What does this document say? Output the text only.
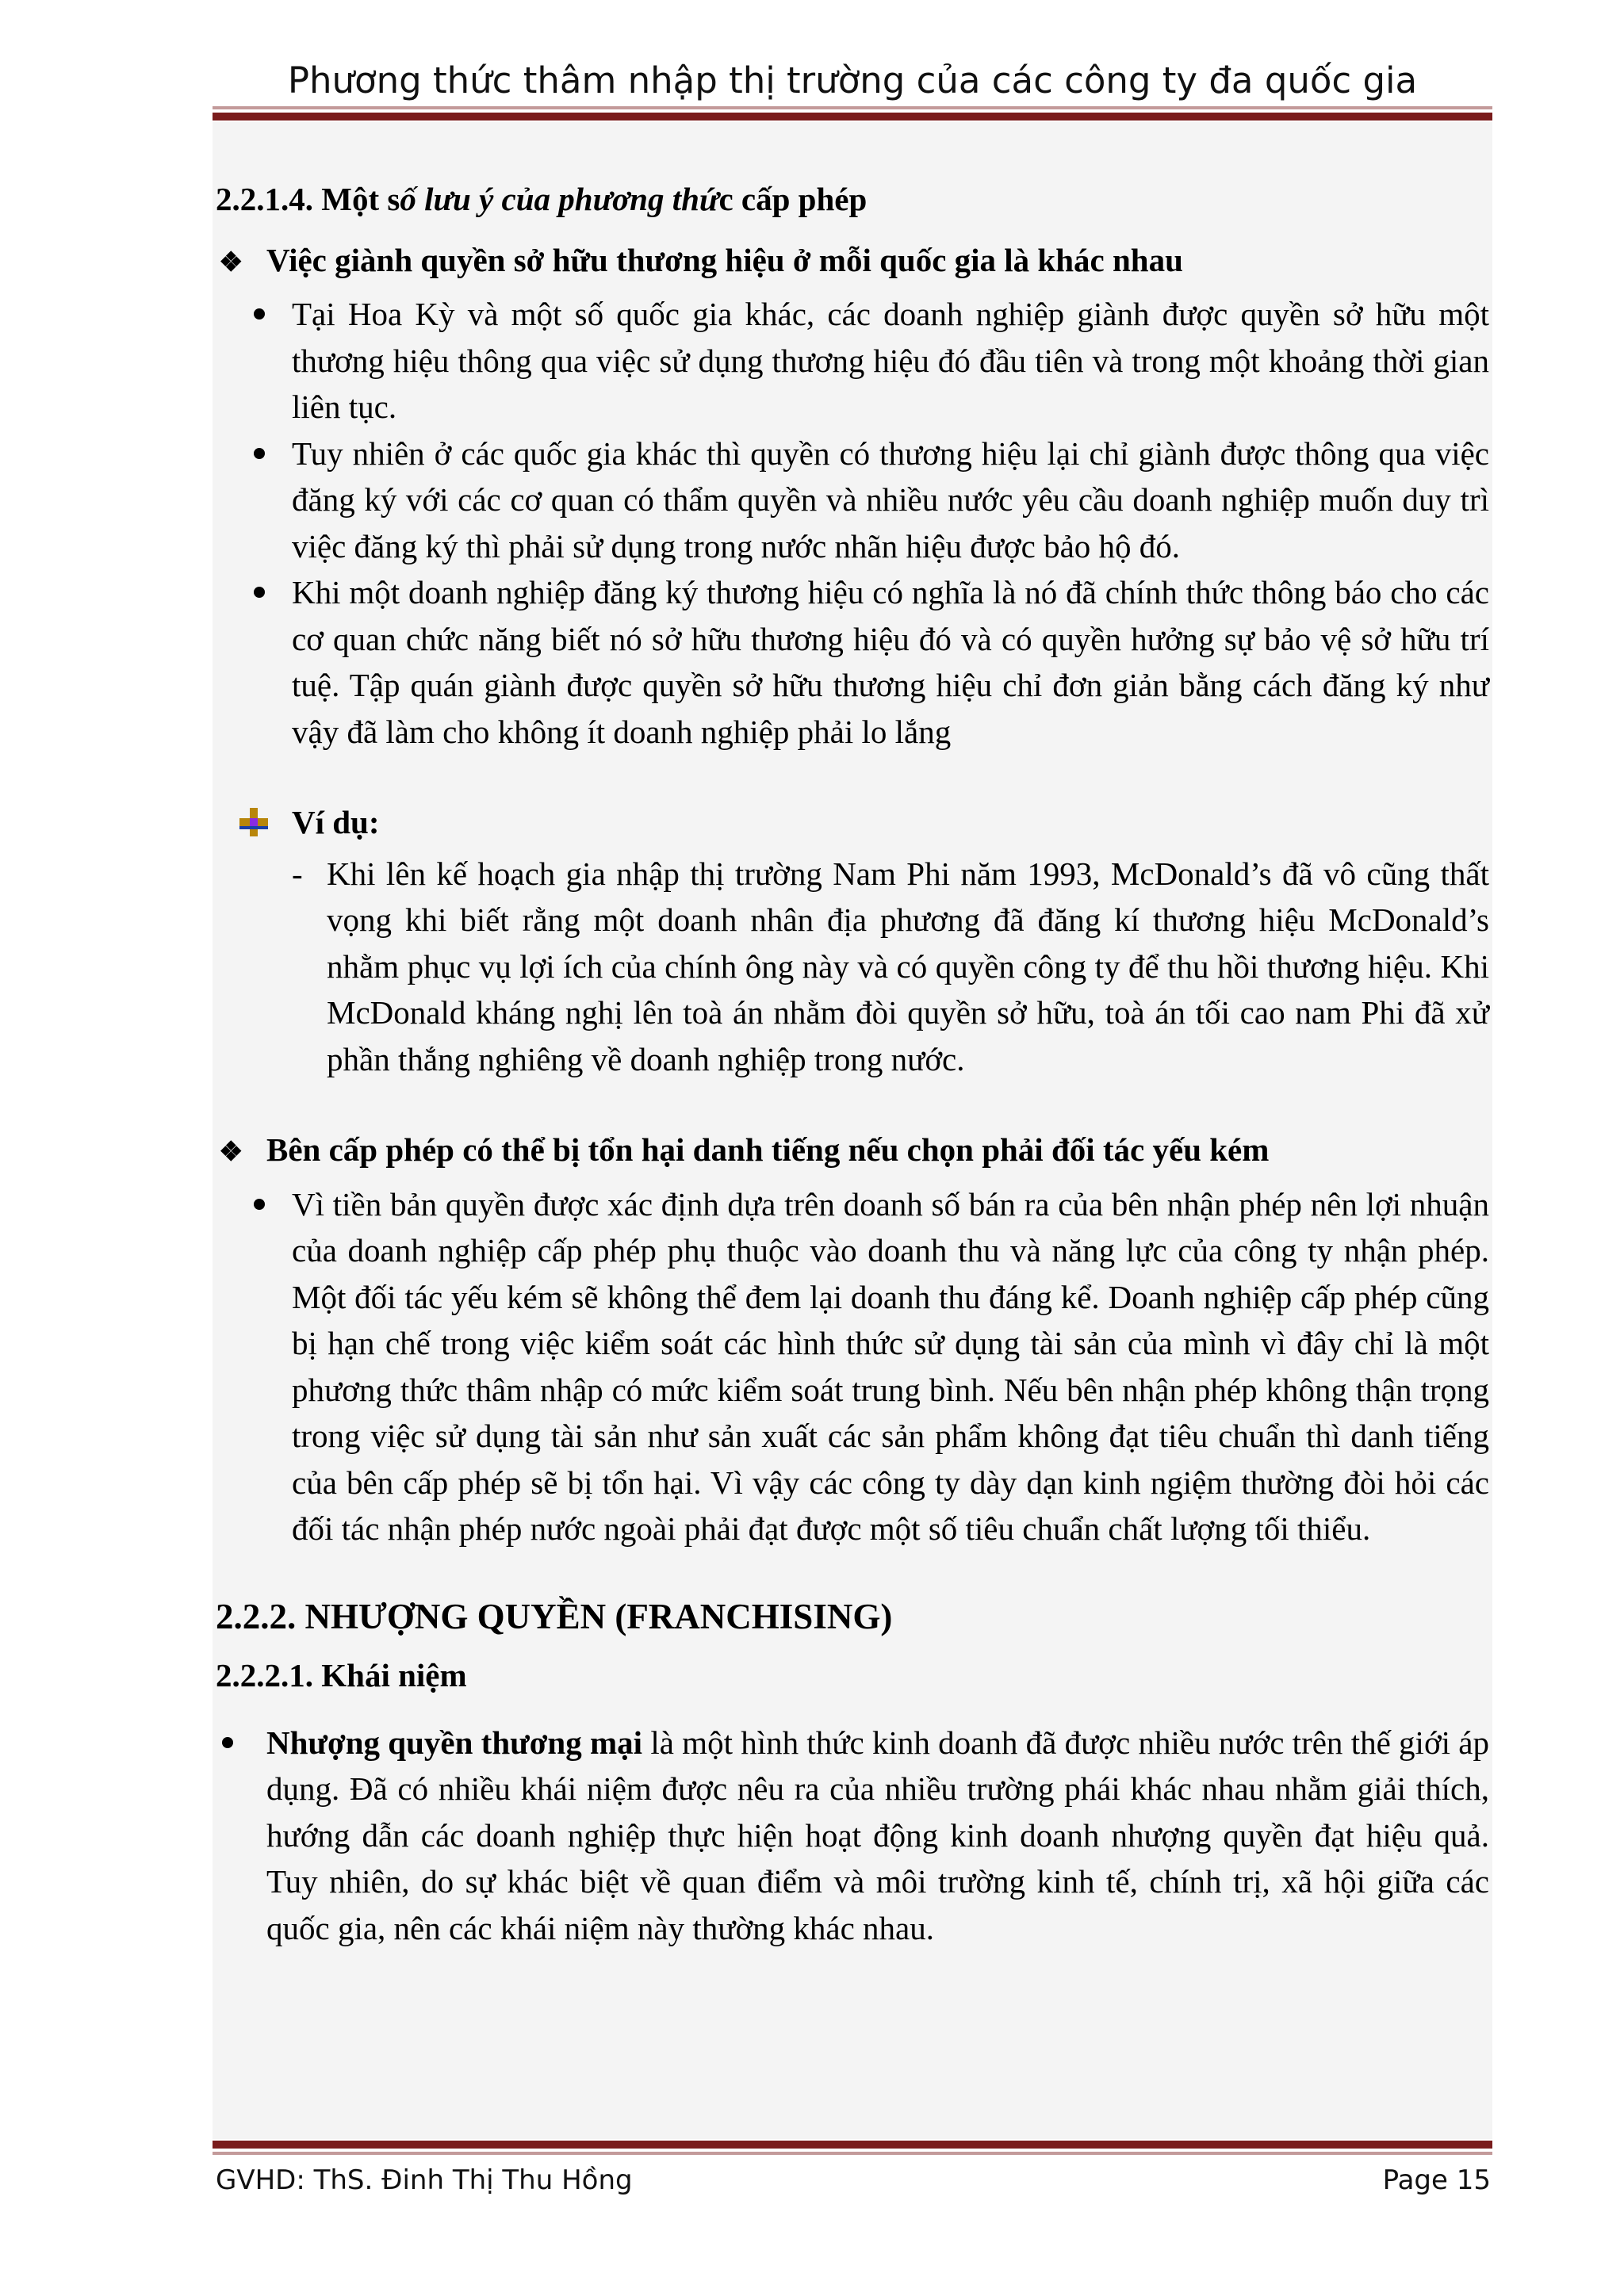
Phương thức thâm nhập thị trường của các công ty đa quốc gia
2.2.1.4. Một số lưu ý của phương thức cấp phép
❖ Việc giành quyền sở hữu thương hiệu ở mỗi quốc gia là khác nhau
Tại Hoa Kỳ và một số quốc gia khác, các doanh nghiệp giành được quyền sở hữu một thương hiệu thông qua việc sử dụng thương hiệu đó đầu tiên và trong một khoảng thời gian liên tục.
Tuy nhiên ở các quốc gia khác thì quyền có thương hiệu lại chỉ giành được thông qua việc đăng ký với các cơ quan có thẩm quyền và nhiều nước yêu cầu doanh nghiệp muốn duy trì việc đăng ký thì phải sử dụng trong nước nhãn hiệu được bảo hộ đó.
Khi một doanh nghiệp đăng ký thương hiệu có nghĩa là nó đã chính thức thông báo cho các cơ quan chức năng biết nó sở hữu thương hiệu đó và có quyền hưởng sự bảo vệ sở hữu trí tuệ. Tập quán giành được quyền sở hữu thương hiệu chỉ đơn giản bằng cách đăng ký như vậy đã làm cho không ít doanh nghiệp phải lo lắng
Ví dụ:
- Khi lên kế hoạch gia nhập thị trường Nam Phi năm 1993, McDonald’s đã vô cũng thất vọng khi biết rằng một doanh nhân địa phương đã đăng kí thương hiệu McDonald’s nhằm phục vụ lợi ích của chính ông này và có quyền công ty để thu hồi thương hiệu. Khi McDonald kháng nghị lên toà án nhằm đòi quyền sở hữu, toà án tối cao nam Phi đã xử phần thắng nghiêng về doanh nghiệp trong nước.
❖ Bên cấp phép có thể bị tổn hại danh tiếng nếu chọn phải đối tác yếu kém
Vì tiền bản quyền được xác định dựa trên doanh số bán ra của bên nhận phép nên lợi nhuận của doanh nghiệp cấp phép phụ thuộc vào doanh thu và năng lực của công ty nhận phép. Một đối tác yếu kém sẽ không thể đem lại doanh thu đáng kể. Doanh nghiệp cấp phép cũng bị hạn chế trong việc kiểm soát các hình thức sử dụng tài sản của mình vì đây chỉ là một phương thức thâm nhập có mức kiểm soát trung bình. Nếu bên nhận phép không thận trọng trong việc sử dụng tài sản như sản xuất các sản phẩm không đạt tiêu chuẩn thì danh tiếng của bên cấp phép sẽ bị tổn hại. Vì vậy các công ty dày dạn kinh ngiệm thường đòi hỏi các đối tác nhận phép nước ngoài phải đạt được một số tiêu chuẩn chất lượng tối thiểu.
2.2.2. NHƯỢNG QUYỀN (FRANCHISING)
2.2.2.1. Khái niệm
Nhượng quyền thương mại là một hình thức kinh doanh đã được nhiều nước trên thế giới áp dụng. Đã có nhiều khái niệm được nêu ra của nhiều trường phái khác nhau nhằm giải thích, hướng dẫn các doanh nghiệp thực hiện hoạt động kinh doanh nhượng quyền đạt hiệu quả. Tuy nhiên, do sự khác biệt về quan điểm và môi trường kinh tế, chính trị, xã hội giữa các quốc gia, nên các khái niệm này thường khác nhau.
GVHD: ThS. Đinh Thị Thu Hồng	Page 15
